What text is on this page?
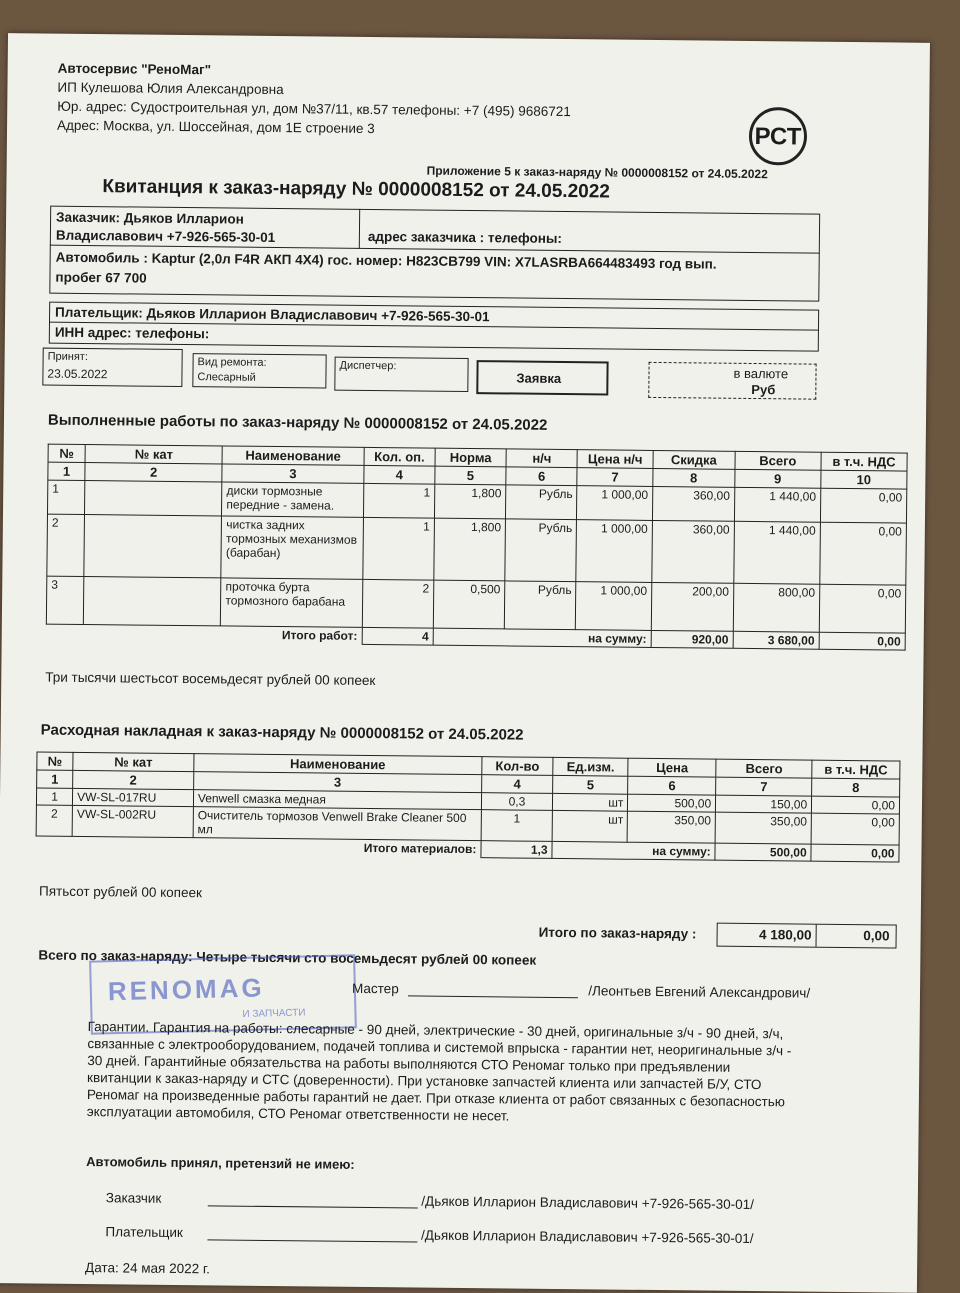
Автосервис "РеноМаг"
ИП Кулешова Юлия Александровна
Юр. адрес: Судостроительная ул, дом №37/11, кв.57 телефоны: +7 (495) 9686721
Адрес: Москва, ул. Шоссейная, дом 1Е строение 3	РСТ
Приложение 5 к заказ-наряду № 0000008152 от 24.05.2022
Квитанция к заказ-наряду № 0000008152 от 24.05.2022
Заказчик: Дьяков Илларион
Владиславович +7-926-565-30-01	адрес заказчика : телефоны:
Автомобиль : Kaptur (2,0л F4R АКП 4X4) гос. номер: Н823СВ799 VIN: X7LASRBA664483493 год вып.
пробег 67 700
Плательщик: Дьяков Илларион Владиславович +7-926-565-30-01
ИНН адрес: телефоны:
Принят:
23.05.2022
Вид ремонта:
Слесарный
Диспетчер:
Заявка	в валюте
Руб
Выполненные работы по заказ-наряду № 0000008152 от 24.05.2022
№	№ кат	Наименование	Кол. оп.	Норма	н/ч	Цена н/ч	Скидка	Всего	в т.ч. НДС
1	2	3	4	5	6	7	8	9	10
1		диски тормозные передние - замена.	1	1,800	Рубль	1 000,00	360,00	1 440,00	0,00
2		чистка задних тормозных механизмов (барабан)	1	1,800	Рубль	1 000,00	360,00	1 440,00	0,00
3		проточка бурта тормозного барабана	2	0,500	Рубль	1 000,00	200,00	800,00	0,00
Итого работ:			4	на сумму:			920,00	3 680,00	0,00
Три тысячи шестьсот восемьдесят рублей 00 копеек
Расходная накладная к заказ-наряду № 0000008152 от 24.05.2022
№	№ кат	Наименование	Кол-во	Ед.изм.	Цена	Всего	в т.ч. НДС
1	2	3	4	5	6	7	8
1	VW-SL-017RU	Venwell смазка медная	0,3	шт	500,00	150,00	0,00
2	VW-SL-002RU	Очиститель тормозов Venwell Brake Cleaner 500 мл	1	шт	350,00	350,00	0,00
Итого материалов:			1,3	на сумму:		500,00	0,00
Пятьсот рублей 00 копеек
Итого по заказ-наряду :	4 180,00	0,00
Всего по заказ-наряду: Четыре тысячи сто восемьдесят рублей 00 копеек
RENOMAG
И ЗАПЧАСТИ
Мастер	/Леонтьев Евгений Александрович/
Гарантии. Гарантия на работы: слесарные - 90 дней, электрические - 30 дней, оригинальные з/ч - 90 дней, з/ч,
связанные с электрооборудованием, подачей топлива и системой впрыска - гарантии нет, неоригинальные з/ч -
30 дней. Гарантийные обязательства на работы выполняются СТО Реномаг только при предъявлении
квитанции к заказ-наряду и СТС (доверенности). При установке запчастей клиента или запчастей Б/У, СТО
Реномаг на произведенные работы гарантий не дает. При отказе клиента от работ связанных с безопасностью
эксплуатации автомобиля, СТО Реномаг ответственности не несет.
Автомобиль принял, претензий не имею:
Заказчик	/Дьяков Илларион Владиславович +7-926-565-30-01/
Плательщик	/Дьяков Илларион Владиславович +7-926-565-30-01/
Дата: 24 мая 2022 г.
